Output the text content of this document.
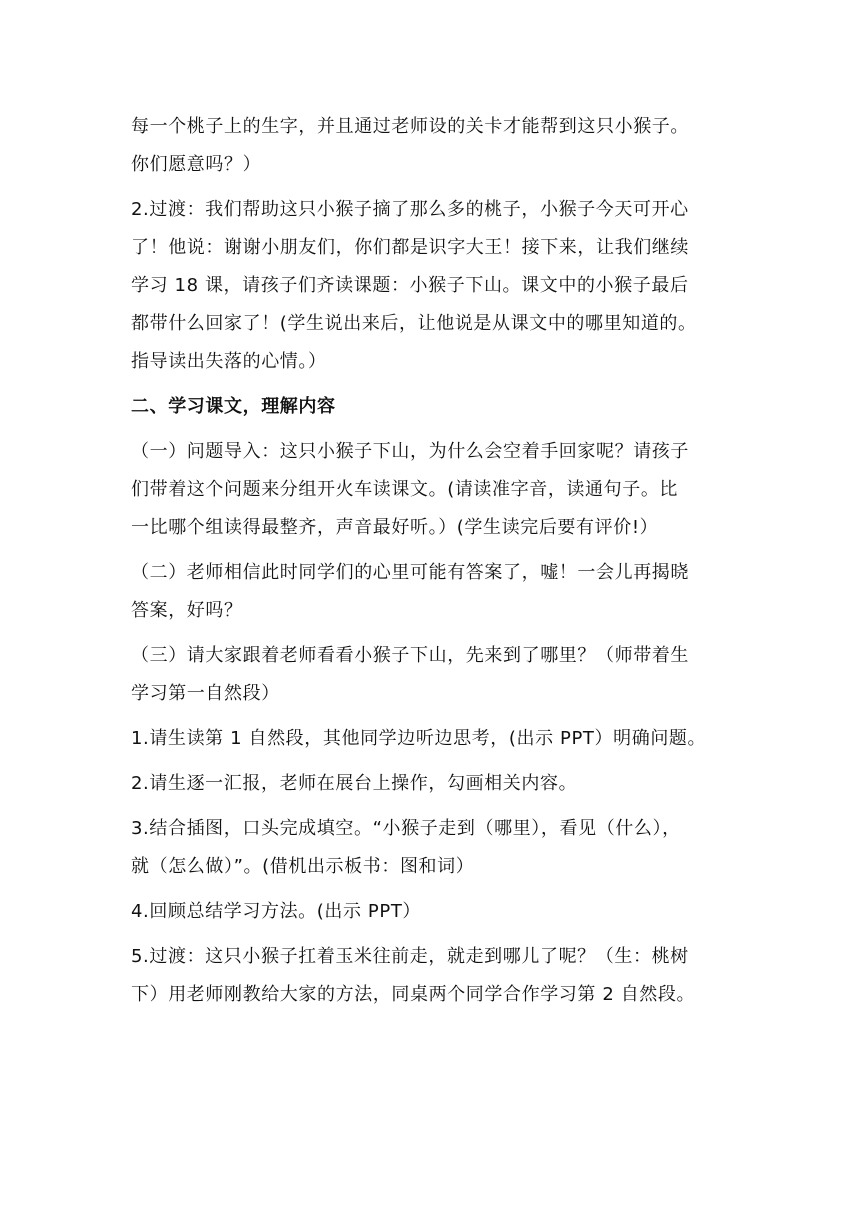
每一个桃子上的生字，并且通过老师设的关卡才能帮到这只小猴子。
你们愿意吗？）
2.过渡：我们帮助这只小猴子摘了那么多的桃子，小猴子今天可开心
了！他说：谢谢小朋友们，你们都是识字大王！接下来，让我们继续
学习 18 课，请孩子们齐读课题：小猴子下山。课文中的小猴子最后
都带什么回家了！(学生说出来后，让他说是从课文中的哪里知道的。
指导读出失落的心情。）
二、学习课文，理解内容
（一）问题导入：这只小猴子下山，为什么会空着手回家呢？请孩子
们带着这个问题来分组开火车读课文。(请读准字音，读通句子。比
一比哪个组读得最整齐，声音最好听。）(学生读完后要有评价!）
（二）老师相信此时同学们的心里可能有答案了，嘘！一会儿再揭晓
答案，好吗？
（三）请大家跟着老师看看小猴子下山，先来到了哪里？（师带着生
学习第一自然段）
1.请生读第 1 自然段，其他同学边听边思考，(出示 PPT）明确问题。
2.请生逐一汇报，老师在展台上操作，勾画相关内容。
3.结合插图，口头完成填空。“小猴子走到（哪里），看见（什么），
就（怎么做）”。(借机出示板书：图和词）
4.回顾总结学习方法。(出示 PPT）
5.过渡：这只小猴子扛着玉米往前走，就走到哪儿了呢？（生：桃树
下）用老师刚教给大家的方法，同桌两个同学合作学习第 2 自然段。
